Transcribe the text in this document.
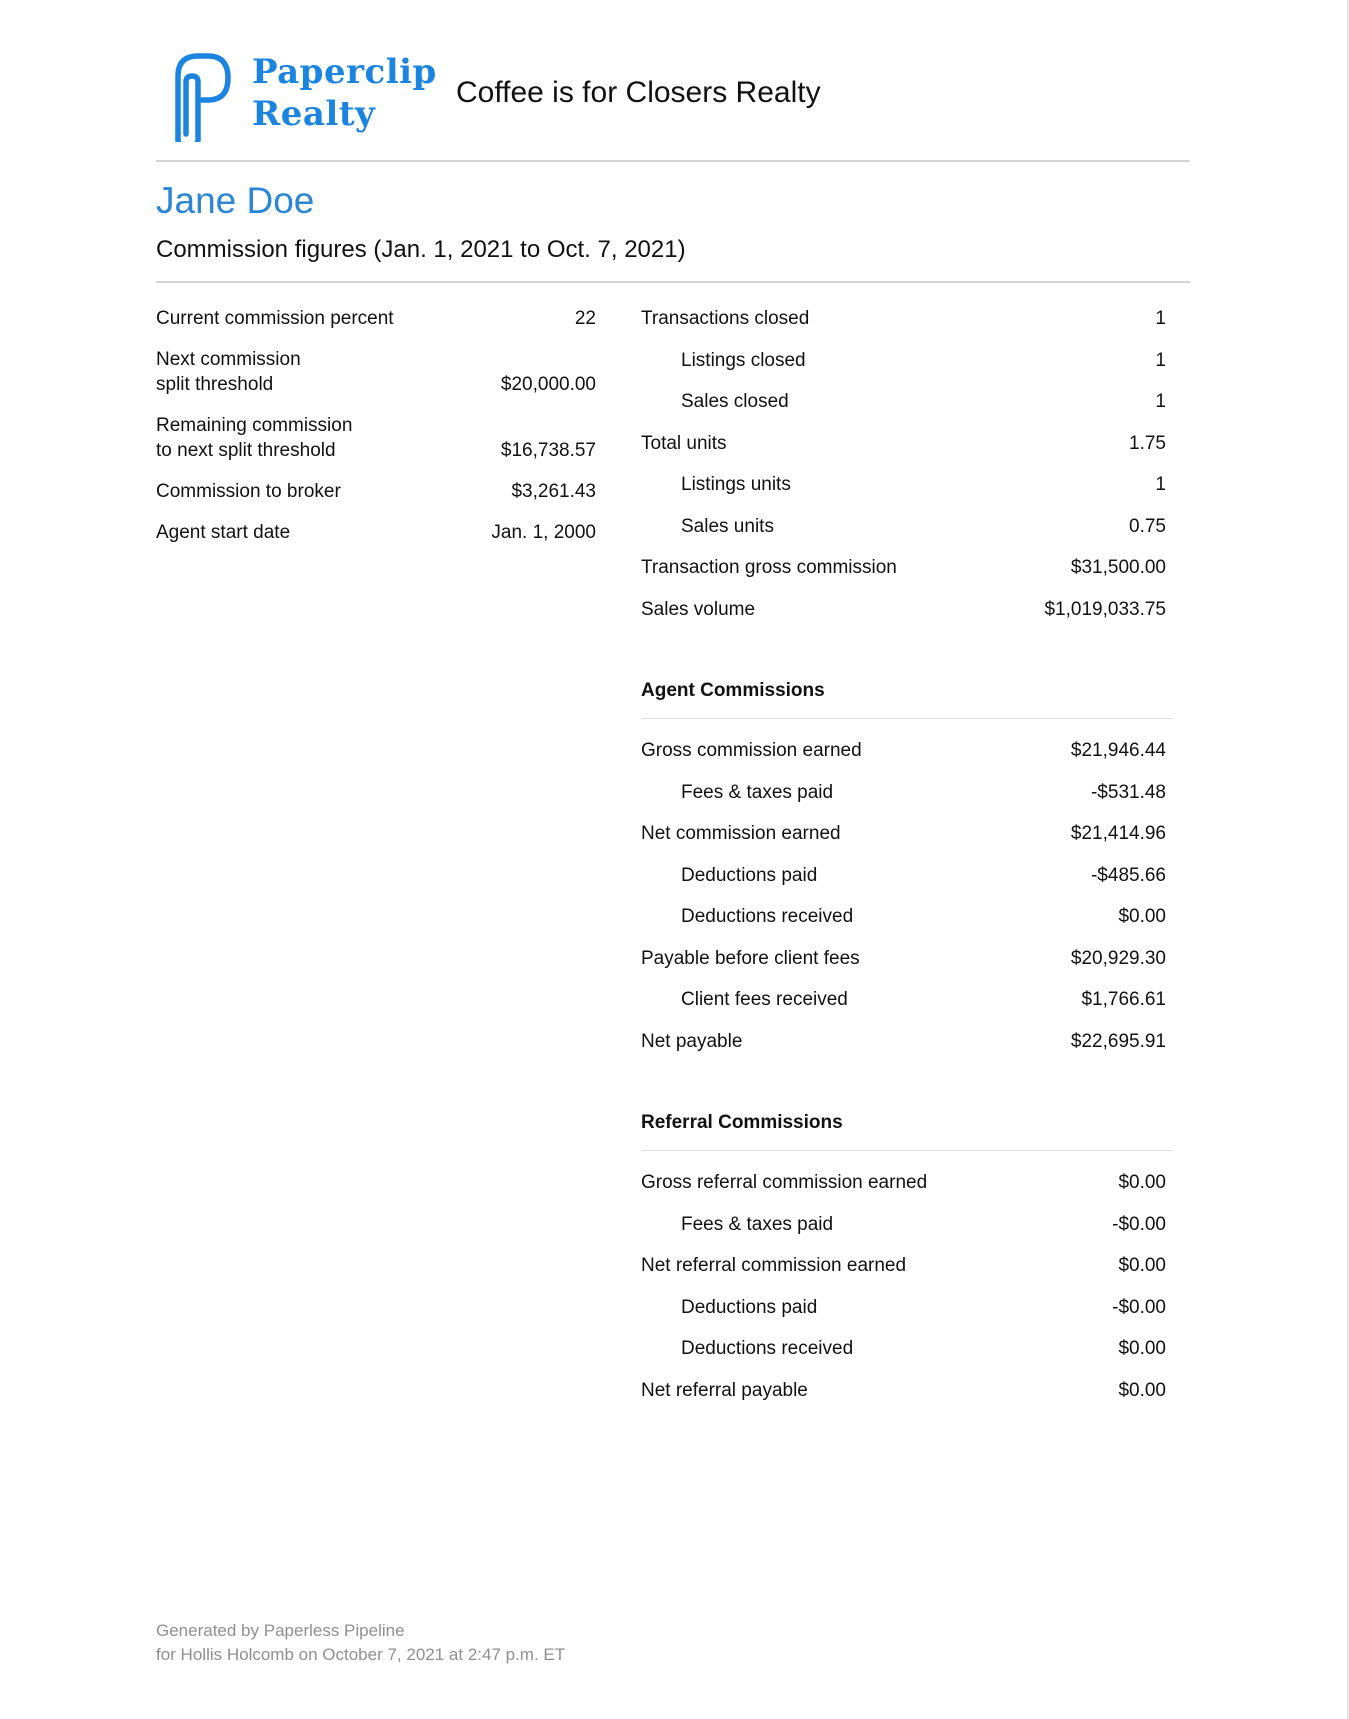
Paperclip
Realty
Coffee is for Closers Realty
Jane Doe
Commission figures (Jan. 1, 2021 to Oct. 7, 2021)
Current commission percent	22
Next commission
split threshold	$20,000.00
Remaining commission
to next split threshold	$16,738.57
Commission to broker	$3,261.43
Agent start date	Jan. 1, 2000
Transactions closed	1
Listings closed	1
Sales closed	1
Total units	1.75
Listings units	1
Sales units	0.75
Transaction gross commission	$31,500.00
Sales volume	$1,019,033.75
Agent Commissions
Gross commission earned	$21,946.44
Fees & taxes paid	-$531.48
Net commission earned	$21,414.96
Deductions paid	-$485.66
Deductions received	$0.00
Payable before client fees	$20,929.30
Client fees received	$1,766.61
Net payable	$22,695.91
Referral Commissions
Gross referral commission earned	$0.00
Fees & taxes paid	-$0.00
Net referral commission earned	$0.00
Deductions paid	-$0.00
Deductions received	$0.00
Net referral payable	$0.00
Generated by Paperless Pipeline
for Hollis Holcomb on October 7, 2021 at 2:47 p.m. ET
